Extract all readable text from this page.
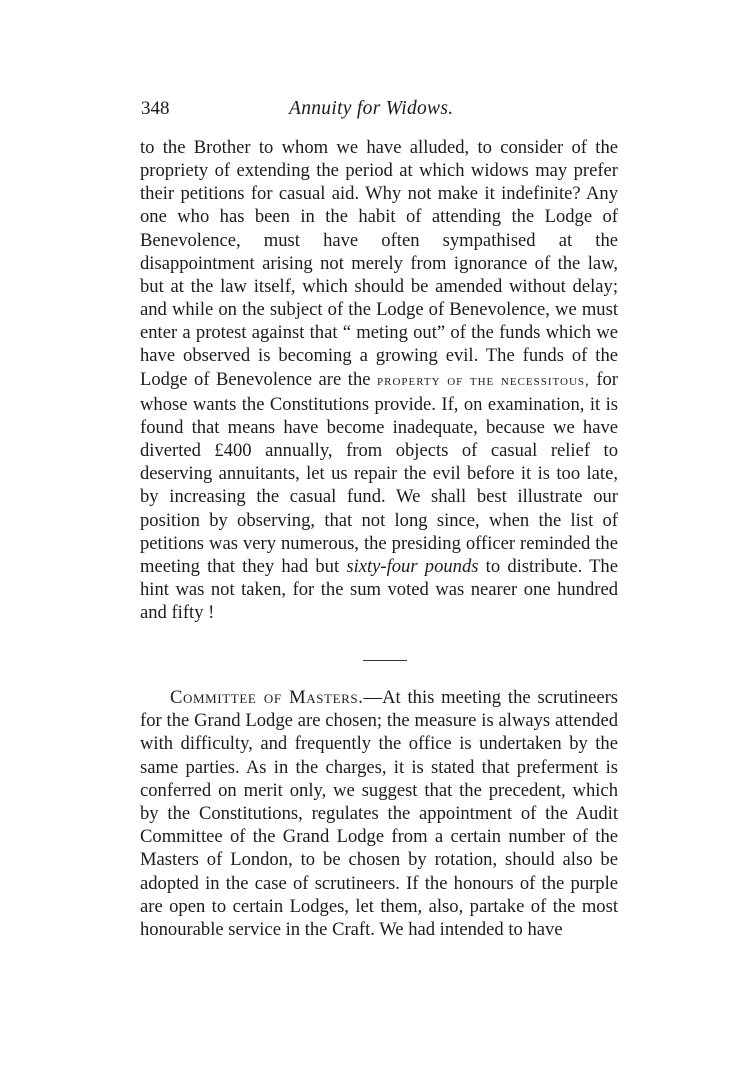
348	Annuity for Widows.

to the Brother to whom we have alluded, to consider of the propriety of extending the period at which widows may prefer their petitions for casual aid. Why not make it indefinite? Any one who has been in the habit of attending the Lodge of Benevolence, must have often sympathised at the disappointment arising not merely from ignorance of the law, but at the law itself, which should be amended without delay; and while on the subject of the Lodge of Benevolence, we must enter a protest against that “ meting out” of the funds which we have observed is becoming a growing evil. The funds of the Lodge of Benevolence are the property of the necessitous, for whose wants the Constitutions provide. If, on examination, it is found that means have become inadequate, because we have diverted £400 annually, from objects of casual relief to deserving annuitants, let us repair the evil before it is too late, by increasing the casual fund. We shall best illustrate our position by observing, that not long since, when the list of petitions was very numerous, the presiding officer reminded the meeting that they had but sixty-four pounds to distribute. The hint was not taken, for the sum voted was nearer one hundred and fifty !

Committee of Masters.—At this meeting the scrutineers for the Grand Lodge are chosen; the measure is always attended with difficulty, and frequently the office is undertaken by the same parties. As in the charges, it is stated that preferment is conferred on merit only, we suggest that the precedent, which by the Constitutions, regulates the appointment of the Audit Committee of the Grand Lodge from a certain number of the Masters of London, to be chosen by rotation, should also be adopted in the case of scrutineers. If the honours of the purple are open to certain Lodges, let them, also, partake of the most honourable service in the Craft. We had intended to have
